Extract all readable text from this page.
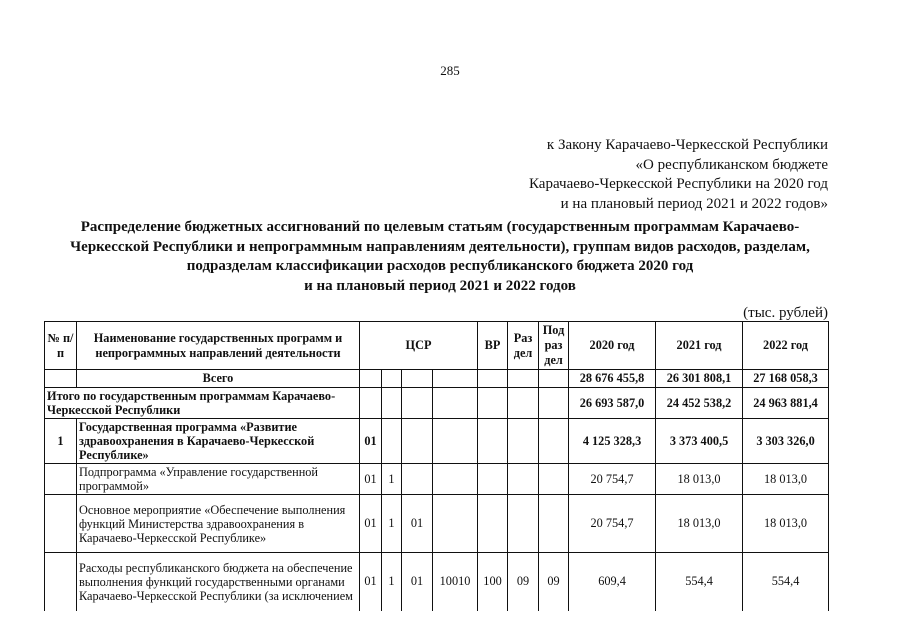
285
к Закону Карачаево-Черкесской Республики
«О республиканском бюджете
Карачаево-Черкесской Республики на 2020 год
и на плановый период 2021 и 2022 годов»
Распределение бюджетных ассигнований по целевым статьям (государственным программам Карачаево-
Черкесской Республики и непрограммным направлениям деятельности), группам видов расходов, разделам,
подразделам классификации расходов республиканского бюджета 2020 год
и на плановый период 2021 и 2022 годов
(тыс. рублей)
№ п/п	Наименование государственных программ и непрограммных направлений деятельности	ЦСР				ВР	Раз дел	Под раз дел	2020 год	2021 год	2022 год
	Всего								28 676 455,8	26 301 808,1	27 168 058,3
Итого по государственным программам Карачаево-Черкесской Республики									26 693 587,0	24 452 538,2	24 963 881,4
1	Государственная программа «Развитие здравоохранения в Карачаево-Черкесской Республике»	01							4 125 328,3	3 373 400,5	3 303 326,0
	Подпрограмма «Управление государственной программой»	01	1						20 754,7	18 013,0	18 013,0
	Основное мероприятие «Обеспечение выполнения функций Министерства здравоохранения в Карачаево-Черкесской Республике»	01	1	01					20 754,7	18 013,0	18 013,0
	Расходы республиканского бюджета на обеспечение выполнения функций государственными органами Карачаево-Черкесской Республики (за исключением	01	1	01	10010	100	09	09	609,4	554,4	554,4
